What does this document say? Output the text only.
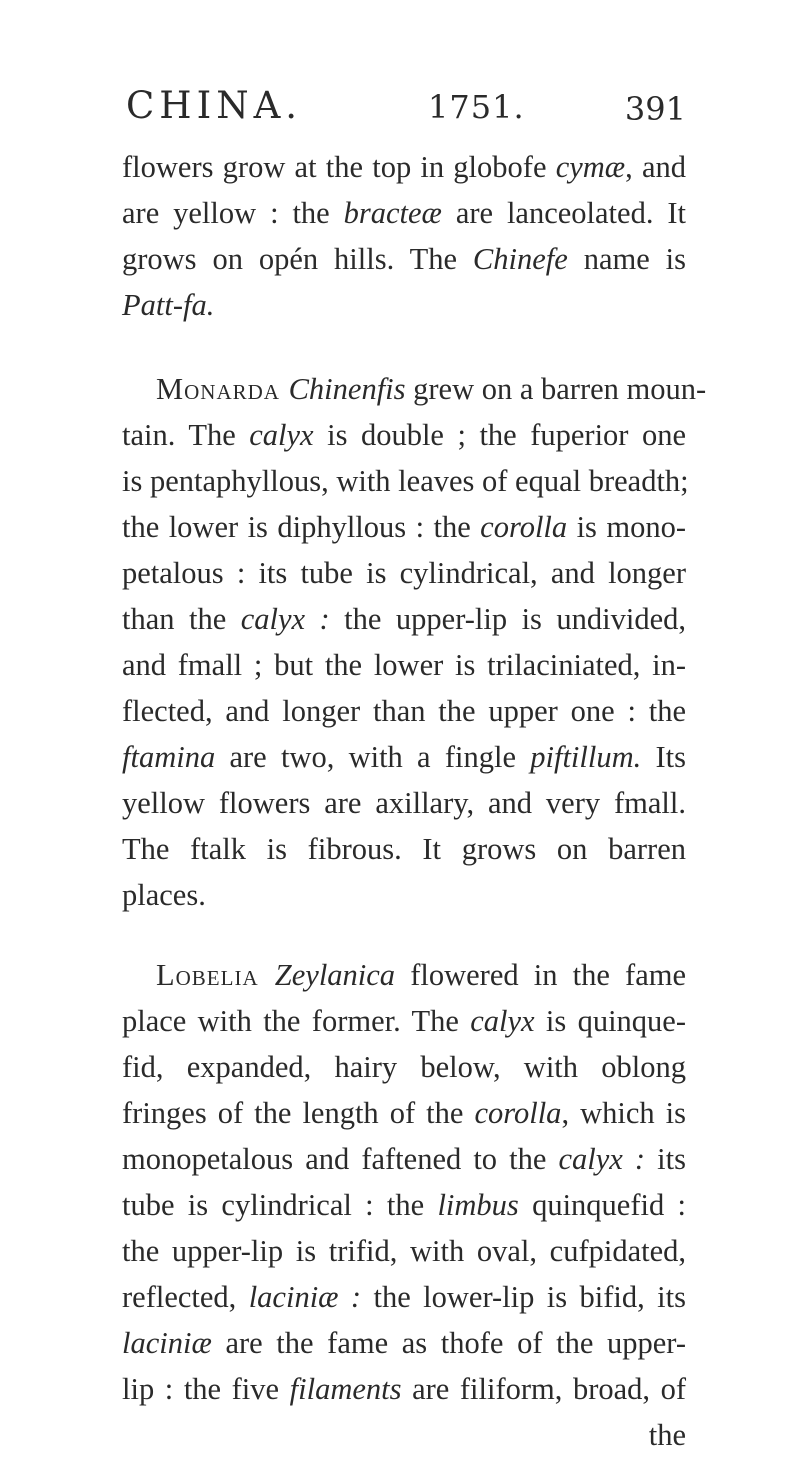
CHINA.	1751.	391
flowers grow at the top in globofe cymæ, and
are yellow : the bracteæ are lanceolated. It
grows on opén hills. The Chinefe name is
Patt-fa.
Monarda Chinenfis grew on a barren moun-
tain. The calyx is double ; the fuperior one
is pentaphyllous, with leaves of equal breadth;
the lower is diphyllous : the corolla is mono-
petalous : its tube is cylindrical, and longer
than the calyx : the upper-lip is undivided,
and fmall ; but the lower is trilaciniated, in-
flected, and longer than the upper one : the
ftamina are two, with a fingle piftillum. Its
yellow flowers are axillary, and very fmall.
The ftalk is fibrous. It grows on barren
places.
Lobelia Zeylanica flowered in the fame
place with the former. The calyx is quinque-
fid, expanded, hairy below, with oblong
fringes of the length of the corolla, which is
monopetalous and faftened to the calyx : its
tube is cylindrical : the limbus quinquefid :
the upper-lip is trifid, with oval, cufpidated,
reflected, laciniæ : the lower-lip is bifid, its
laciniæ are the fame as thofe of the upper-
lip : the five filaments are filiform, broad, of
the
